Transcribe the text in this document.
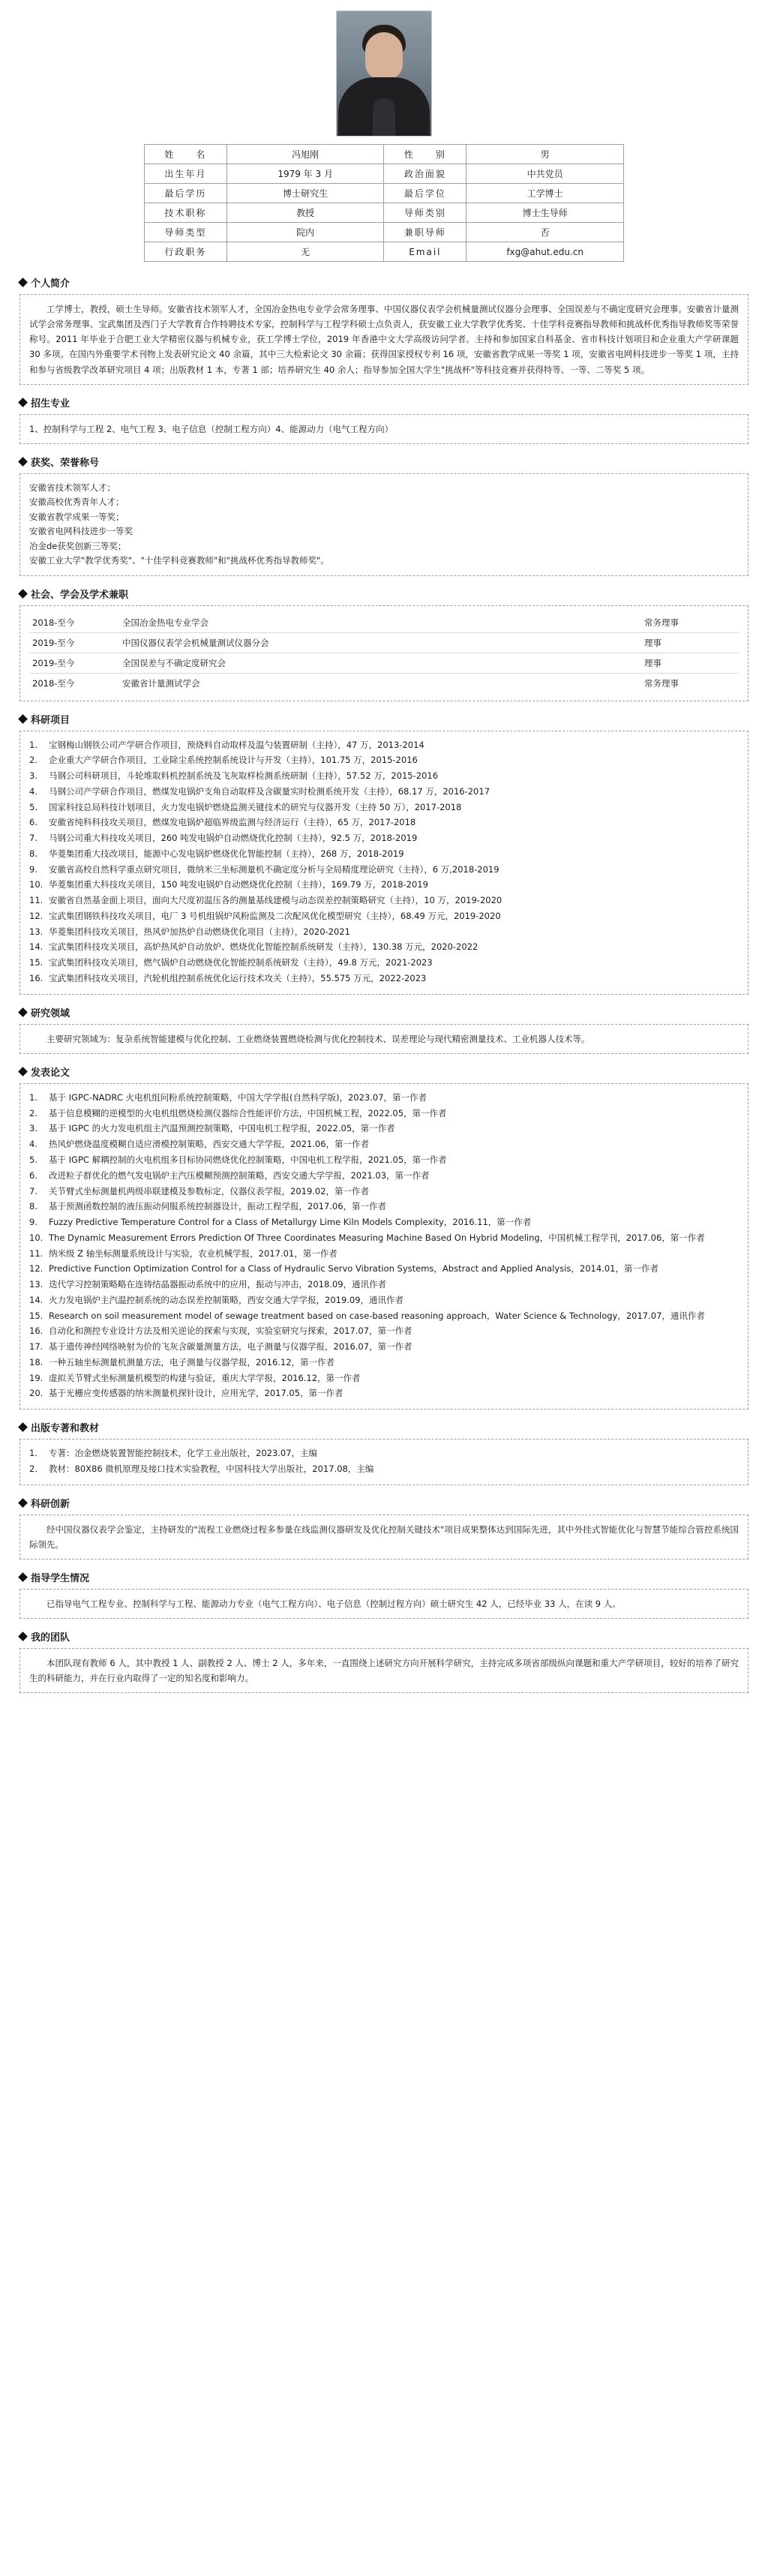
姓　　名	冯旭刚	性　　别	男
出生年月	1979 年 3 月	政治面貌	中共党员
最后学历	博士研究生	最后学位	工学博士
技术职称	教授	导师类别	博士生导师
导师类型	院内	兼职导师	否
行政职务	无	Email	fxg@ahut.edu.cn
个人简介

工学博士，教授，硕士生导师。安徽省技术领军人才，全国冶金热电专业学会常务理事、中国仪器仪表学会机械量测试仪器分会理事、全国误差与不确定度研究会理事。安徽省计量测试学会常务理事、宝武集团及西门子大学教育合作特聘技术专家，控制科学与工程学科硕士点负责人，获安徽工业大学教学优秀奖、十佳学科竞赛指导教师和挑战杯优秀指导教师奖等荣誉称号。2011 年毕业于合肥工业大学精密仪器与机械专业，获工学博士学位，2019 年香港中文大学高级访问学者。主持和参加国家自科基金、省市科技计划项目和企业重大产学研课题 30 多项。在国内外重要学术刊物上发表研究论文 40 余篇，其中三大检索论文 30 余篇；获得国家授权专利 16 项，安徽省教学成果一等奖 1 项，安徽省电网科技进步一等奖 1 项，主持和参与省级教学改革研究项目 4 项；出版教材 1 本，专著 1 部；培养研究生 40 余人；指导参加全国大学生"挑战杯"等科技竞赛并获得特等、一等、二等奖 5 项。

招生专业

1、控制科学与工程 2、电气工程 3、电子信息（控制工程方向）4、能源动力（电气工程方向）

获奖、荣誉称号

安徽省技术领军人才；

安徽高校优秀青年人才；

安徽省教学成果一等奖；

安徽省电网科技进步一等奖

冶金de获奖创新三等奖；

安徽工业大学"教学优秀奖"、"十佳学科竞赛教师"和"挑战杯优秀指导教师奖"。

社会、学会及学术兼职
2018-至今	全国冶金热电专业学会	常务理事
2019-至今	中国仪器仪表学会机械量测试仪器分会	理事
2019-至今	全国误差与不确定度研究会	理事
2018-至今	安徽省计量测试学会	常务理事
科研项目
1.	宝钢梅山钢铁公司产学研合作项目，预烧料自动取样及温勺装置研制（主持），47 万，2013-2014
2.	企业重大产学研合作项目，工业除尘系统控制系统设计与开发（主持），101.75 万，2015-2016
3.	马钢公司科研项目，斗轮堆取料机控制系统及飞灰取样检测系统研制（主持），57.52 万，2015-2016
4.	马钢公司产学研合作项目，燃煤发电锅炉支角自动取样及含碳量实时检测系统开发（主持），68.17 万，2016-2017
5.	国家科技总局科技计划项目，火力发电锅炉燃烧监测关键技术的研究与仪器开发（主持 50 万），2017-2018
6.	安徽省纯科科技攻关项目，燃煤发电锅炉超临界级监测与经济运行（主持），65 万，2017-2018
7.	马钢公司重大科技攻关项目，260 吨发电锅炉自动燃烧优化控制（主持），92.5 万，2018-2019
8.	华菱集团重大技改项目，能源中心发电锅炉燃烧优化智能控制（主持），268 万，2018-2019
9.	安徽省高校自然科学重点研究项目，微纳米三坐标测量机不确定度分析与全局精度理论研究（主持），6 万,2018-2019
10. 华菱集团重大科技攻关项目，150 吨发电锅炉自动燃烧优化控制（主持），169.79 万，2018-2019
11. 安徽省自然基金面上项目，面向大尺度初温压各的测量基线建模与动态误差控制策略研究（主持），10 万，2019-2020
12. 宝武集团钢铁科技攻关项目，电厂 3 号机组锅炉风粉监测及二次配风优化模型研究（主持），68.49 万元，2019-2020
13. 华菱集团科技攻关项目，热风炉加热炉自动燃烧优化项目（主持），2020-2021
14. 宝武集团科技攻关项目，高炉热风炉自动放炉、燃烧优化智能控制系统研发（主持），130.38 万元，2020-2022
15. 宝武集团科技攻关项目，燃气锅炉自动燃烧优化智能控制系统研发（主持），49.8 万元，2021-2023
16. 宝武集团科技攻关项目，汽轮机组控制系统优化运行技术攻关（主持），55.575 万元，2022-2023
研究领域

主要研究领域为：复杂系统智能建模与优化控制、工业燃烧装置燃烧检测与优化控制技术、误差理论与现代精密测量技术、工业机器人技术等。

发表论文
1.	基于 IGPC-NADRC 火电机组问粉系统控制策略，中国大学学报(自然科学版)，2023.07，第一作者
2.	基于信息模糊的逆模型的火电机组燃烧检测仪器综合性能评价方法，中国机械工程，2022.05，第一作者
3.	基于 IGPC 的火力发电机组主汽温预测控制策略，中国电机工程学报，2022.05，第一作者
4.	热风炉燃烧温度模糊自适应滑模控制策略，西安交通大学学报，2021.06，第一作者
5.	基于 IGPC 解耦控制的火电机组多目标协同燃烧优化控制策略，中国电机工程学报，2021.05，第一作者
6.	改进粒子群优化的燃气发电锅炉主汽压模糊预测控制策略，西安交通大学学报，2021.03，第一作者
7.	关节臂式坐标测量机两级串联建模及参数标定，仪器仪表学报，2019.02，第一作者
8.	基于预测函数控制的液压振动伺服系统控制器设计，振动工程学报，2017.06，第一作者
9.	Fuzzy Predictive Temperature Control for a Class of Metallurgy Lime Kiln Models Complexity，2016.11，第一作者
10. The Dynamic Measurement Errors Prediction Of Three Coordinates Measuring Machine Based On Hybrid Modeling，中国机械工程学刊，2017.06，第一作者
11. 纳米级 Z 轴坐标测量系统设计与实验，农业机械学报，2017.01，第一作者
12. Predictive Function Optimization Control for a Class of Hydraulic Servo Vibration Systems，Abstract and Applied Analysis，2014.01，第一作者
13. 迭代学习控制策略略在连铸结晶器振动系统中的应用，振动与冲击，2018.09，通讯作者
14. 火力发电锅炉主汽温控制系统的动态误差控制策略，西安交通大学学报，2019.09，通讯作者
15. Research on soil measurement model of sewage treatment based on case-based reasoning approach，Water Science & Technology，2017.07，通讯作者
16. 自动化和测控专业设计方法及相关逆论的探索与实现，实验室研究与探索，2017.07，第一作者
17. 基于遗传神经网络映射为价的飞灰含碳量测量方法，电子测量与仪器学报，2016.07，第一作者
18. 一种五轴坐标测量机测量方法，电子测量与仪器学报，2016.12，第一作者
19. 虚拟关节臂式坐标测量机模型的构建与验证，重庆大学学报，2016.12，第一作者
20. 基于光栅应变传感器的纳米测量机探针设计，应用光学，2017.05，第一作者
出版专著和教材
1.	专著：冶金燃烧装置智能控制技术，化学工业出版社，2023.07，主编
2.	教材：80X86 微机原理及接口技术实验教程，中国科技大学出版社，2017.08，主编
科研创新

经中国仪器仪表学会鉴定，主持研发的"流程工业燃烧过程多参量在线监测仪器研发及优化控制关键技术"项目成果整体达到国际先进，其中外挂式智能优化与智慧节能综合管控系统国际领先。

指导学生情况

已指导电气工程专业、控制科学与工程、能源动力专业（电气工程方向）、电子信息（控制过程方向）硕士研究生 42 人，已经毕业 33 人，在读 9 人。

我的团队

本团队现有教师 6 人，其中教授 1 人、副教授 2 人、博士 2 人，多年来，一直围绕上述研究方向开展科学研究，主持完成多项省部级纵向课题和重大产学研项目，较好的培养了研究生的科研能力，并在行业内取得了一定的知名度和影响力。
